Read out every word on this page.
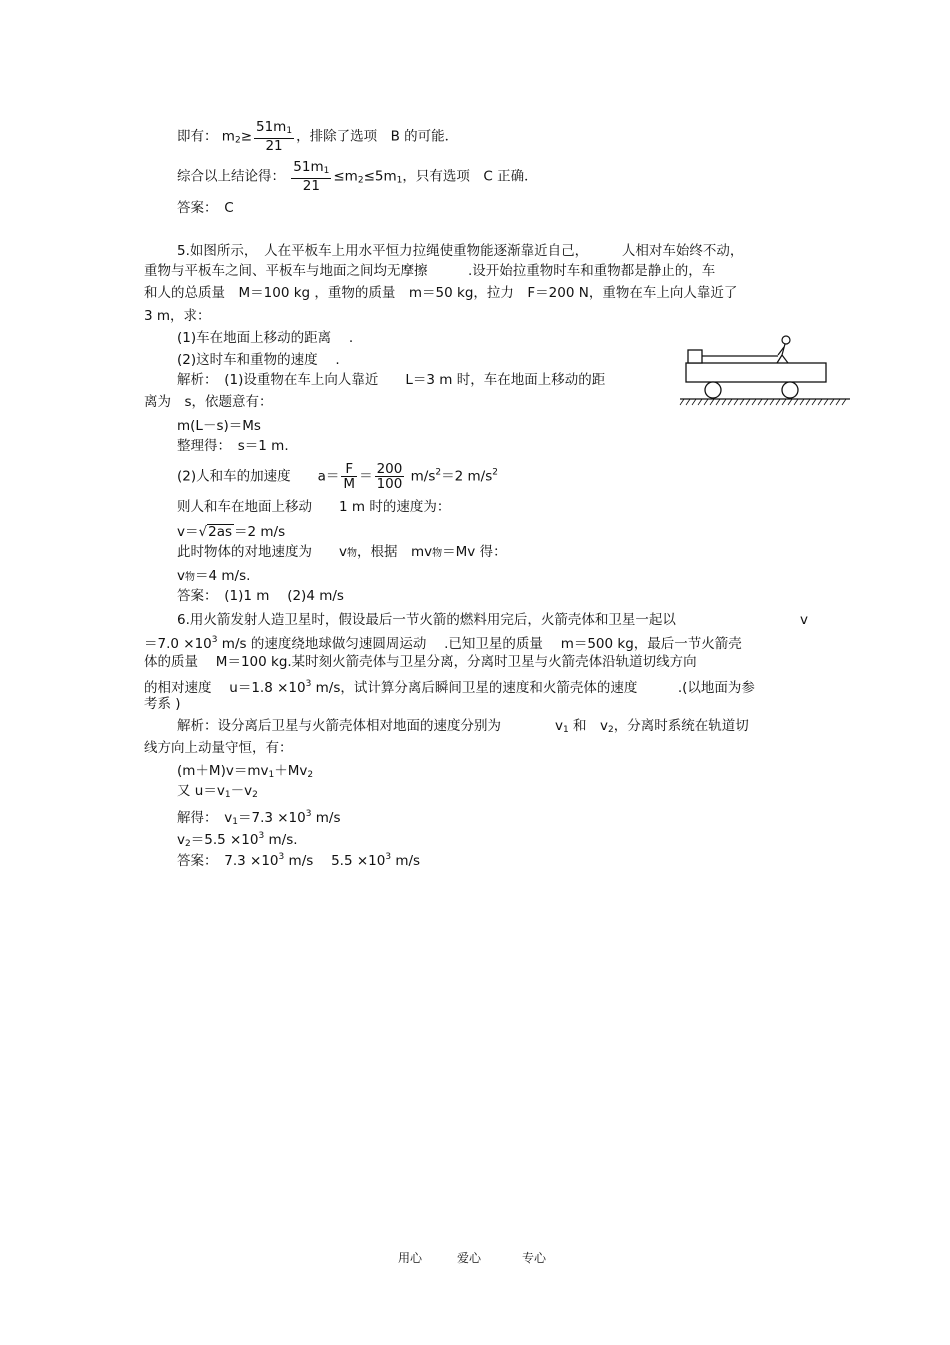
即有： $m_2\ge \frac{51m_1}{21}$ ，排除了选项　B 的可能．
综合以上结论得： $\frac{51m_1}{21} \le m_2\le 5m_1$，只有选项　C 正确．
答案：　C
5.如图所示，　人在平板车上用水平恒力拉绳使重物能逐渐靠近自己，　　　人相对车始终不动，
重物与平板车之间、平板车与地面之间均无摩擦　　　.设开始拉重物时车和重物都是静止的，车
和人的总质量　M＝100 kg ，重物的质量　m＝50 kg，拉力　F＝200 N，重物在车上向人靠近了
3 m，求：
(1)车在地面上移动的距离　 .
(2)这时车和重物的速度　 .
解析：　(1)设重物在车上向人靠近　　L＝3 m 时，车在地面上移动的距
离为　s，依题意有：
m(L－s)＝Ms
整理得：　s＝1 m.
(2)人和车的加速度　　$a= \frac{F}{M} = \frac{200}{100} m/s^2=2$ $m/s^2$
则人和车在地面上移动　　1 m 时的速度为：
v＝√2as ＝2 m/s
此时物体的对地速度为　　v物，根据　mv物＝Mv 得：
v物＝4 m/s.
答案：　(1)1 m　 (2)4 m/s
6.用火箭发射人造卫星时，假设最后一节火箭的燃料用完后，火箭壳体和卫星一起以	v
$=7.0 \times 10^3$ m/s 的速度绕地球做匀速圆周运动　 .已知卫星的质量　 m＝500 kg，最后一节火箭壳
体的质量　 M＝100 kg.某时刻火箭壳体与卫星分离，分离时卫星与火箭壳体沿轨道切线方向
的相对速度　 $u=1.8 \times 10^3$ m/s，试计算分离后瞬间卫星的速度和火箭壳体的速度　　　.(以地面为参
考系 )
解析：设分离后卫星与火箭壳体相对地面的速度分别为　　　　$v_1$ 和　$v_2$，分离时系统在轨道切
线方向上动量守恒，有：
$(m+M)v=mv_1+Mv_2$
又 $u=v_1-v_2$
解得：　$v_1=7.3 \times 10^3$ m/s
$v_2=5.5 \times 10^3$ m/s.
答案：　$7.3 \times 10^3$ m/s　 $5.5 \times 10^3$ m/s
用心	爱心	专心
